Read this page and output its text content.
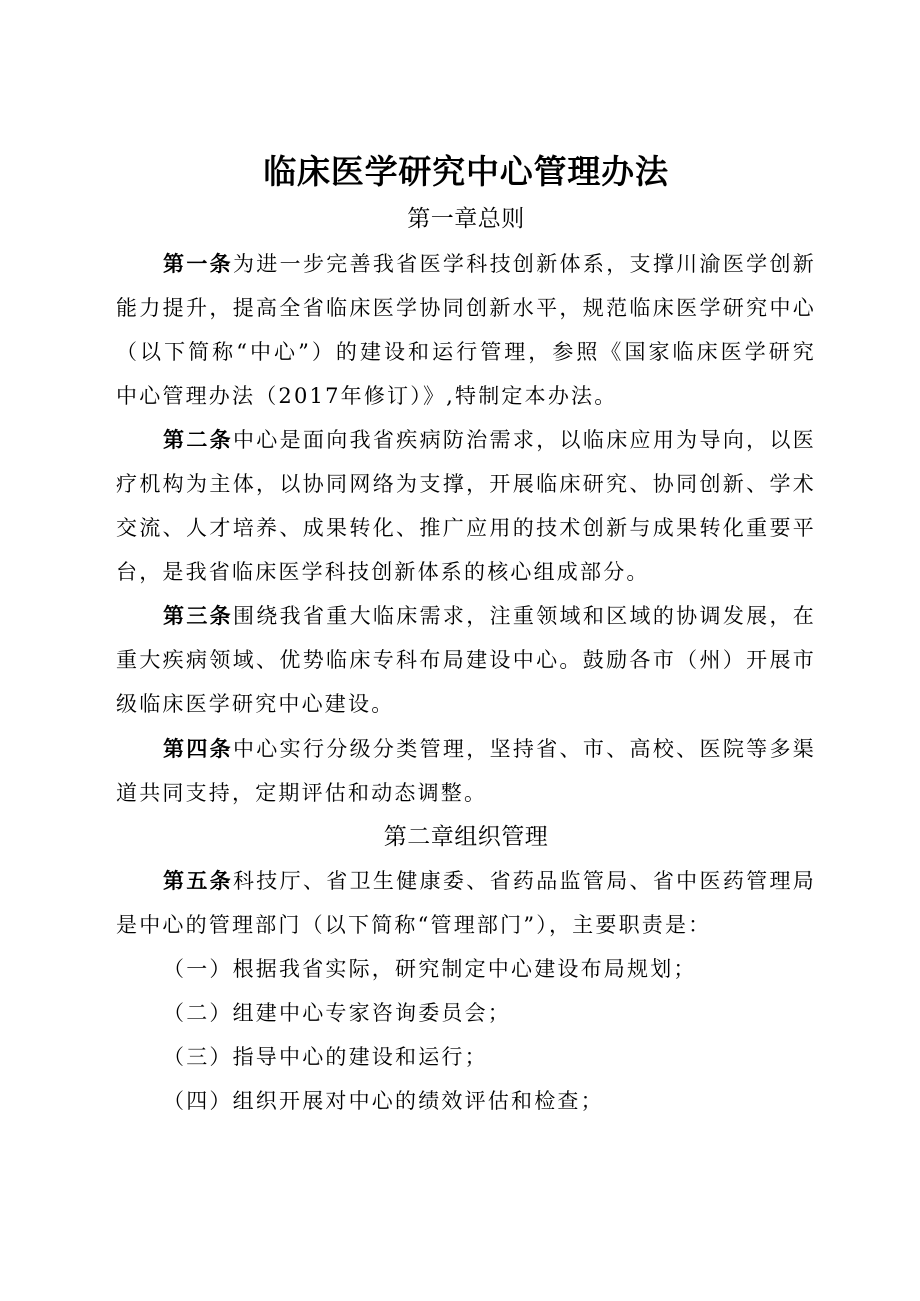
临床医学研究中心管理办法
第一章总则
第一条为进一步完善我省医学科技创新体系，支撑川渝医学创新
能力提升，提高全省临床医学协同创新水平，规范临床医学研究中心
（以下简称“中心”）的建设和运行管理，参照《国家临床医学研究
中心管理办法（2017年修订）》,特制定本办法。
第二条中心是面向我省疾病防治需求，以临床应用为导向，以医
疗机构为主体，以协同网络为支撑，开展临床研究、协同创新、学术
交流、人才培养、成果转化、推广应用的技术创新与成果转化重要平
台，是我省临床医学科技创新体系的核心组成部分。
第三条围绕我省重大临床需求，注重领域和区域的协调发展，在
重大疾病领域、优势临床专科布局建设中心。鼓励各市（州）开展市
级临床医学研究中心建设。
第四条中心实行分级分类管理，坚持省、市、高校、医院等多渠
道共同支持，定期评估和动态调整。
第二章组织管理
第五条科技厅、省卫生健康委、省药品监管局、省中医药管理局
是中心的管理部门（以下简称“管理部门”），主要职责是：
（一）根据我省实际，研究制定中心建设布局规划；
（二）组建中心专家咨询委员会；
（三）指导中心的建设和运行；
（四）组织开展对中心的绩效评估和检查；
